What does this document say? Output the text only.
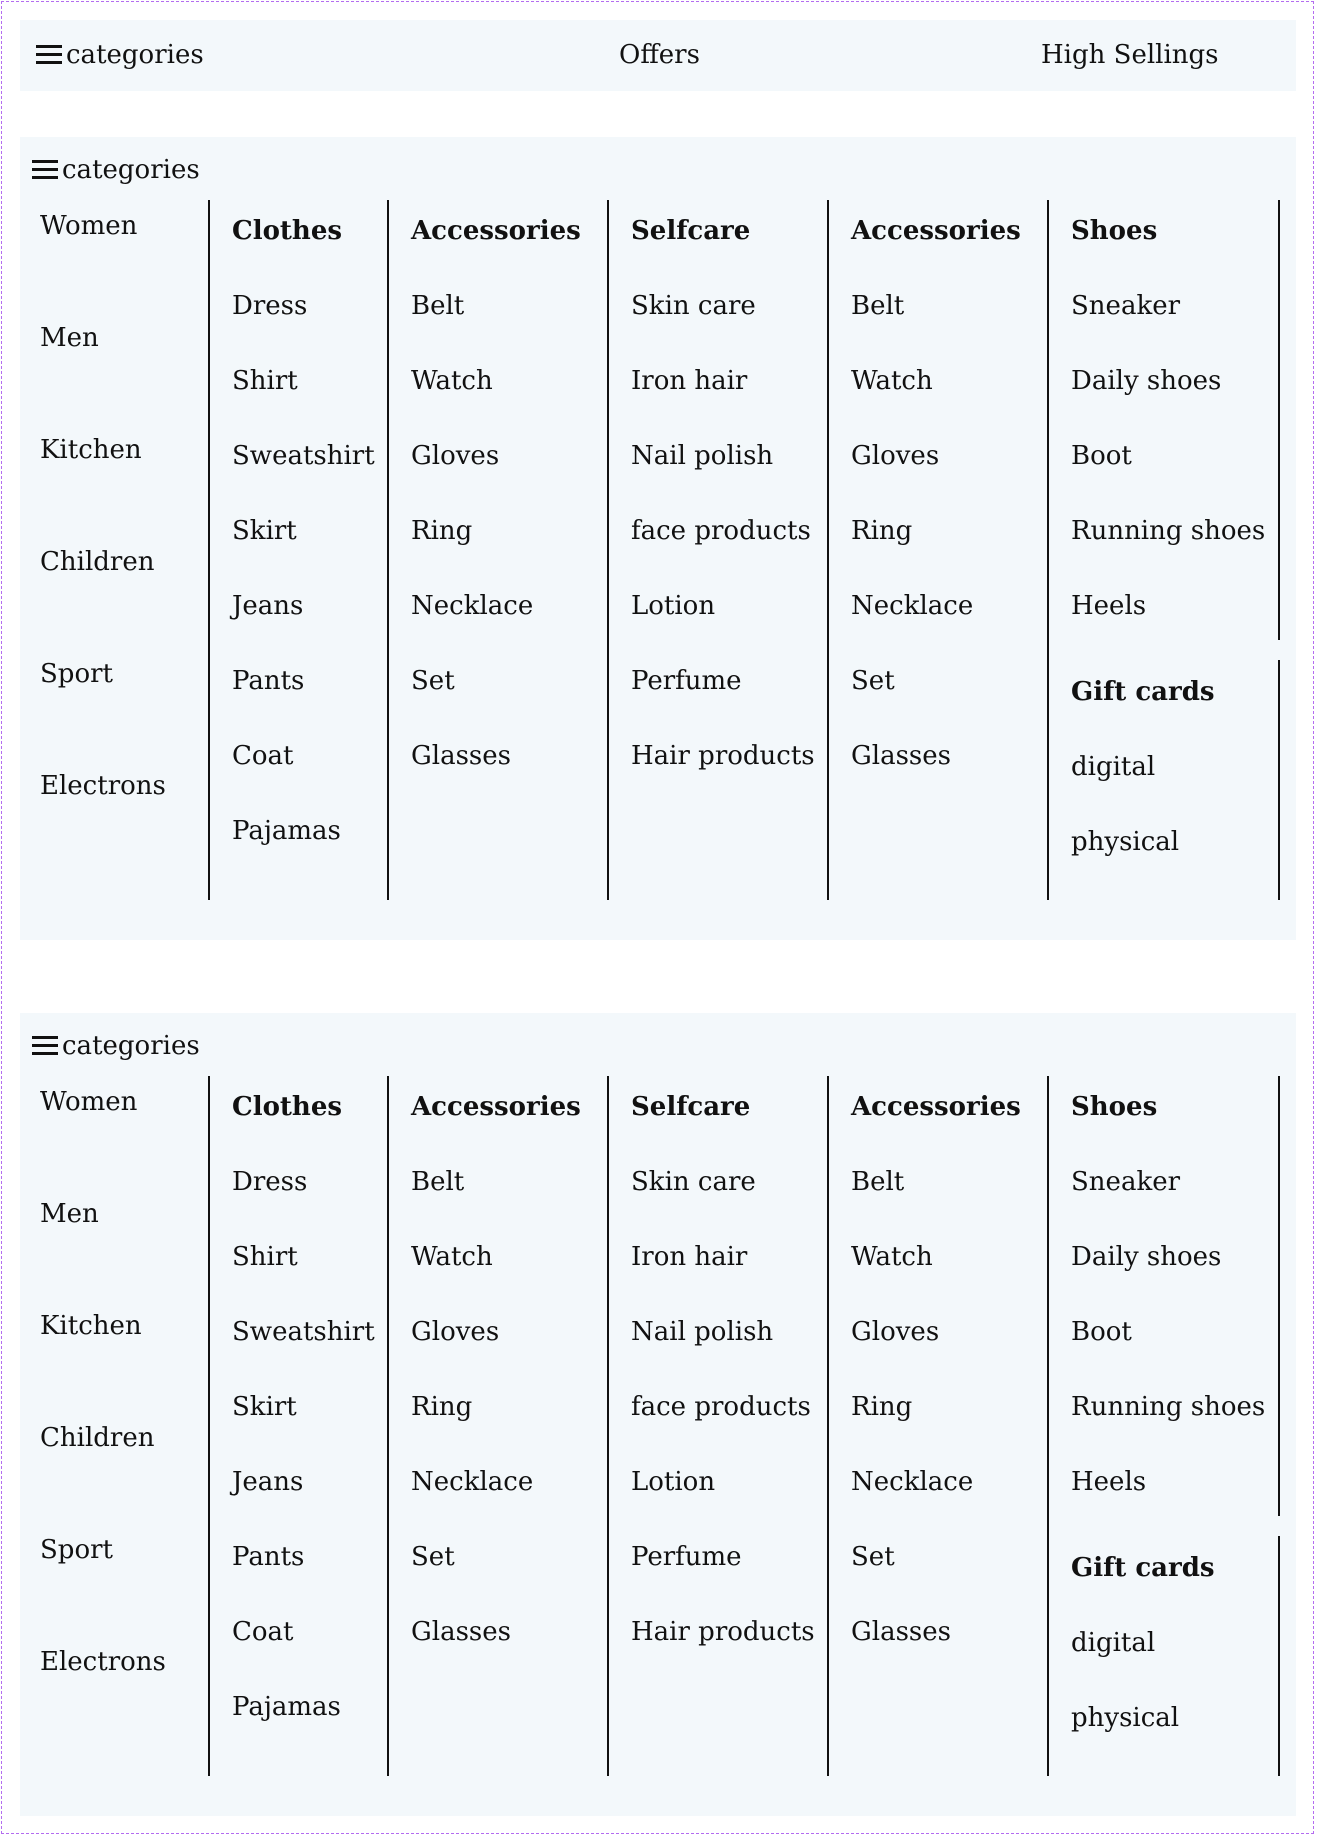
categories	Offers	High Sellings
categories
Women
Men
Kitchen
Children
Sport
Electrons
Clothes
Dress
Shirt
Sweatshirt
Skirt
Jeans
Pants
Coat
Pajamas
Accessories
Belt
Watch
Gloves
Ring
Necklace
Set
Glasses
Selfcare
Skin care
Iron hair
Nail polish
face products
Lotion
Perfume
Hair products
Accessories
Belt
Watch
Gloves
Ring
Necklace
Set
Glasses
Shoes
Sneaker
Daily shoes
Boot
Running shoes
Heels
Gift cards
digital
physical
categories
Women
Men
Kitchen
Children
Sport
Electrons
Clothes
Dress
Shirt
Sweatshirt
Skirt
Jeans
Pants
Coat
Pajamas
Accessories
Belt
Watch
Gloves
Ring
Necklace
Set
Glasses
Selfcare
Skin care
Iron hair
Nail polish
face products
Lotion
Perfume
Hair products
Accessories
Belt
Watch
Gloves
Ring
Necklace
Set
Glasses
Shoes
Sneaker
Daily shoes
Boot
Running shoes
Heels
Gift cards
digital
physical
